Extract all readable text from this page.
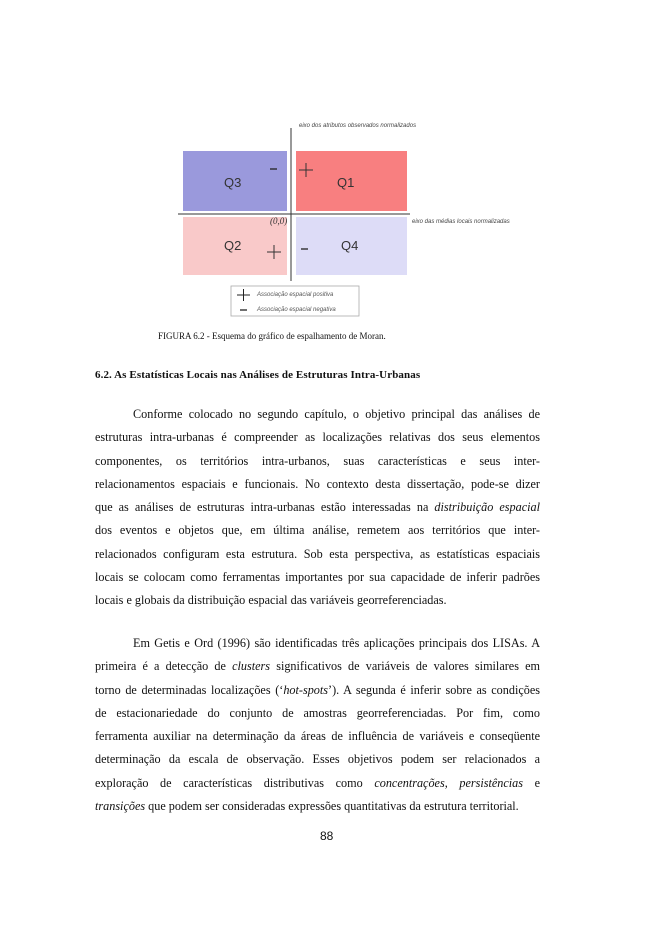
eixo dos atributos observados normalizados
eixo das médias locais normalizadas
Q3	Q1
Q2	Q4
(0,0)
Associação espacial positiva
Associação espacial negativa
FIGURA 6.2 - Esquema do gráfico de espalhamento de Moran.
6.2. As Estatísticas Locais nas Análises de Estruturas Intra-Urbanas
Conforme colocado no segundo capítulo, o objetivo principal das análises de
estruturas intra-urbanas é compreender as localizações relativas dos seus elementos
componentes, os territórios intra-urbanos, suas características e seus inter-
relacionamentos espaciais e funcionais. No contexto desta dissertação, pode-se dizer
que as análises de estruturas intra-urbanas estão interessadas na distribuição espacial
dos eventos e objetos que, em última análise, remetem aos territórios que inter-
relacionados configuram esta estrutura. Sob esta perspectiva, as estatísticas espaciais
locais se colocam como ferramentas importantes por sua capacidade de inferir padrões
locais e globais da distribuição espacial das variáveis georreferenciadas.
Em Getis e Ord (1996) são identificadas três aplicações principais dos LISAs. A
primeira é a detecção de clusters significativos de variáveis de valores similares em
torno de determinadas localizações (‘hot-spots’). A segunda é inferir sobre as condições
de estacionariedade do conjunto de amostras georreferenciadas. Por fim, como
ferramenta auxiliar na determinação da áreas de influência de variáveis e conseqüente
determinação da escala de observação. Esses objetivos podem ser relacionados a
exploração de características distributivas como concentrações, persistências e
transições que podem ser consideradas expressões quantitativas da estrutura territorial.
88
